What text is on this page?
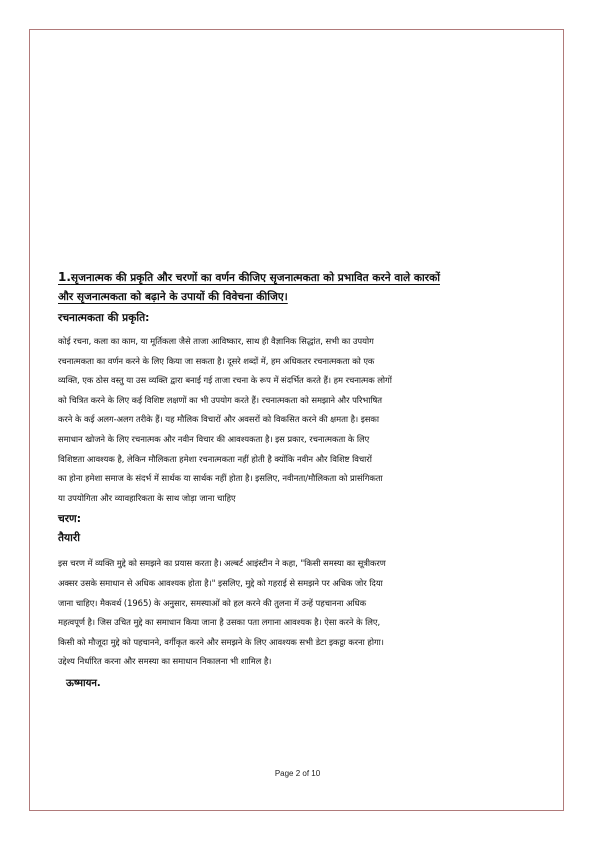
1.सृजनात्मक की प्रकृति और चरणों का वर्णन कीजिए सृजनात्मकता को प्रभावित करने वाले कारकों
और सृजनात्मकता को बढ़ाने के उपायों की विवेचना कीजिए।
रचनात्मकता की प्रकृति:
कोई रचना, कला का काम, या मूर्तिकला जैसे ताजा आविष्कार, साथ ही वैज्ञानिक सिद्धांत, सभी का उपयोग
रचनात्मकता का वर्णन करने के लिए किया जा सकता है। दूसरे शब्दों में, हम अधिकतर रचनात्मकता को एक
व्यक्ति, एक ठोस वस्तु या उस व्यक्ति द्वारा बनाई गई ताजा रचना के रूप में संदर्भित करते हैं। हम रचनात्मक लोगों
को चित्रित करने के लिए कई विशिष्ट लक्षणों का भी उपयोग करते हैं। रचनात्मकता को समझाने और परिभाषित
करने के कई अलग-अलग तरीके हैं। यह मौलिक विचारों और अवसरों को विकसित करने की क्षमता है। इसका
समाधान खोजने के लिए रचनात्मक और नवीन विचार की आवश्यकता है। इस प्रकार, रचनात्मकता के लिए
विशिष्टता आवश्यक है, लेकिन मौलिकता हमेशा रचनात्मकता नहीं होती है क्योंकि नवीन और विशिष्ट विचारों
का होना हमेशा समाज के संदर्भ में सार्थक या सार्थक नहीं होता है। इसलिए, नवीनता/मौलिकता को प्रासंगिकता
या उपयोगिता और व्यावहारिकता के साथ जोड़ा जाना चाहिए
चरण:
तैयारी
इस चरण में व्यक्ति मुद्दे को समझने का प्रयास करता है। अल्बर्ट आइंस्टीन ने कहा, "किसी समस्या का सूत्रीकरण
अक्सर उसके समाधान से अधिक आवश्यक होता है।" इसलिए, मुद्दे को गहराई से समझने पर अधिक जोर दिया
जाना चाहिए। मैकवर्थ (1965) के अनुसार, समस्याओं को हल करने की तुलना में उन्हें पहचानना अधिक
महत्वपूर्ण है। जिस उचित मुद्दे का समाधान किया जाना है उसका पता लगाना आवश्यक है। ऐसा करने के लिए,
किसी को मौजूदा मुद्दे को पहचानने, वर्गीकृत करने और समझने के लिए आवश्यक सभी डेटा इकट्ठा करना होगा।
उद्देश्य निर्धारित करना और समस्या का समाधान निकालना भी शामिल है।
ऊष्मायन.
Page 2 of 10
